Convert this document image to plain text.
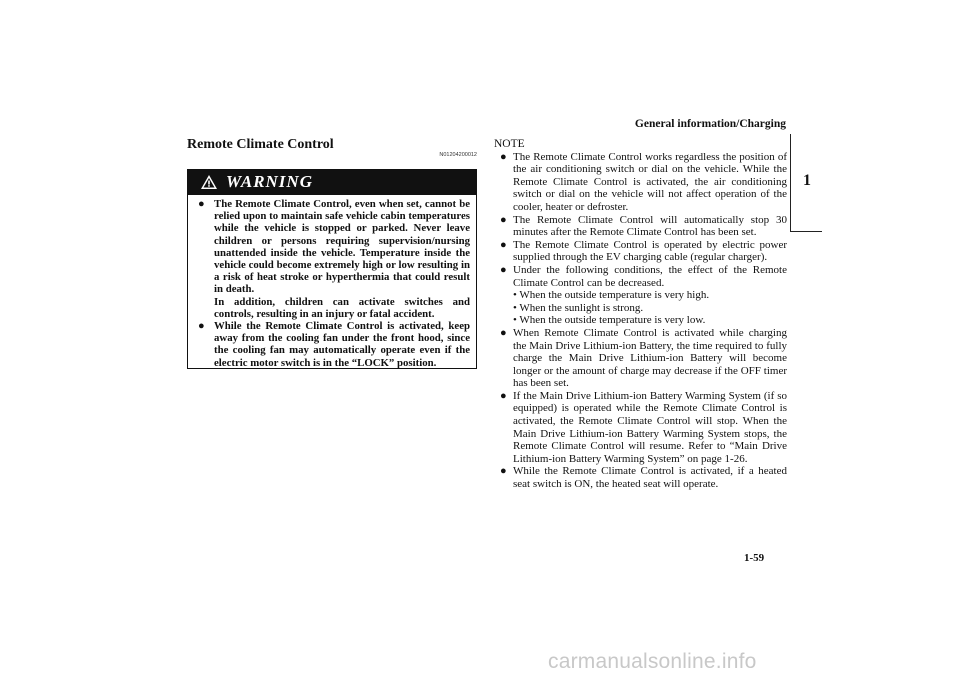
General information/Charging
1
Remote Climate Control
N01204200012
WARNING
● The Remote Climate Control, even when set, cannot be relied upon to maintain safe vehicle cabin temperatures while the vehicle is stopped or parked. Never leave children or persons requiring supervision/nursing unattended inside the vehicle. Temperature inside the vehicle could become extremely high or low resulting in a risk of heat stroke or hyperthermia that could result in death.
In addition, children can activate switches and controls, resulting in an injury or fatal accident.
● While the Remote Climate Control is activated, keep away from the cooling fan under the front hood, since the cooling fan may automatically operate even if the electric motor switch is in the “LOCK” position.
NOTE
● The Remote Climate Control works regardless the position of the air conditioning switch or dial on the vehicle. While the Remote Climate Control is activated, the air conditioning switch or dial on the vehicle will not affect operation of the cooler, heater or defroster.
● The Remote Climate Control will automatically stop 30 minutes after the Remote Climate Control has been set.
● The Remote Climate Control is operated by electric power supplied through the EV charging cable (regular charger).
● Under the following conditions, the effect of the Remote Climate Control can be decreased.
• When the outside temperature is very high.
• When the sunlight is strong.
• When the outside temperature is very low.
● When Remote Climate Control is activated while charging the Main Drive Lithium-ion Battery, the time required to fully charge the Main Drive Lithium-ion Battery will become longer or the amount of charge may decrease if the OFF timer has been set.
● If the Main Drive Lithium-ion Battery Warming System (if so equipped) is operated while the Remote Climate Control is activated, the Remote Climate Control will stop. When the Main Drive Lithium-ion Battery Warming System stops, the Remote Climate Control will resume. Refer to “Main Drive Lithium-ion Battery Warming System” on page 1-26.
● While the Remote Climate Control is activated, if a heated seat switch is ON, the heated seat will operate.
1-59
carmanualsonline.info
